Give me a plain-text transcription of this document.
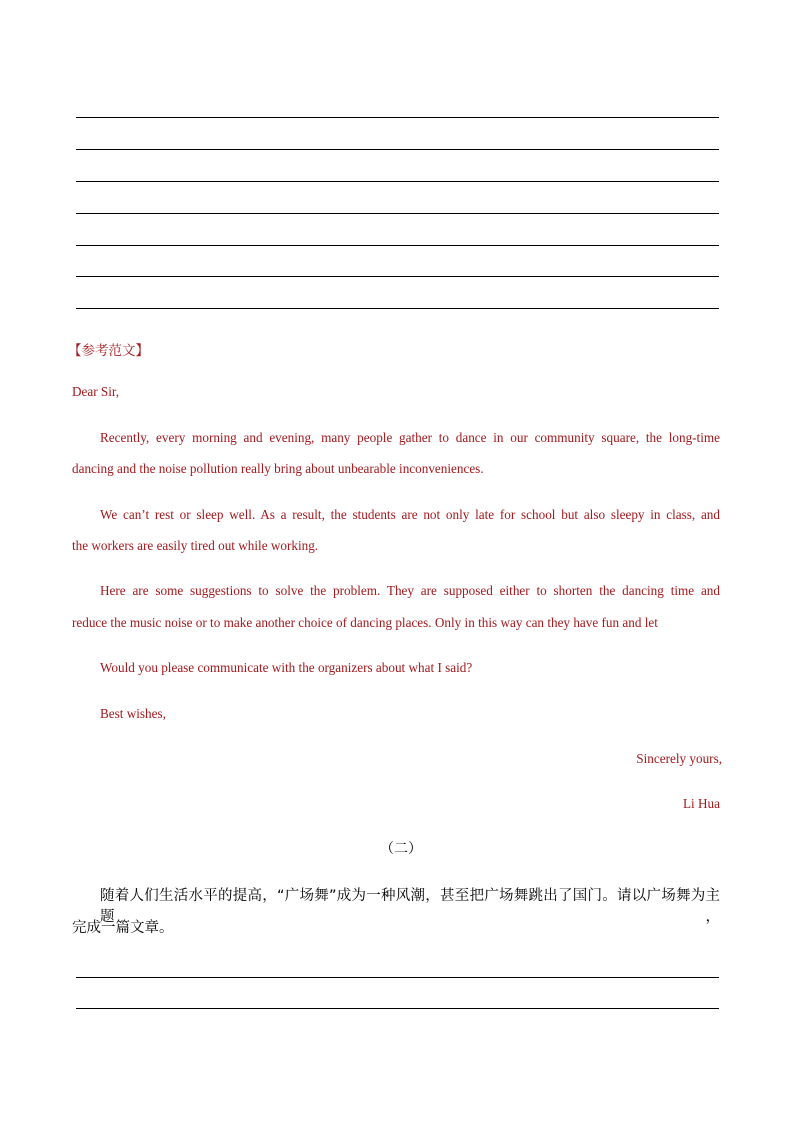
【参考范文】
Dear Sir,
Recently, every morning and evening, many people gather to dance in our community square, the long-time
dancing and the noise pollution really bring about unbearable inconveniences.
We can’t rest or sleep well. As a result, the students are not only late for school but also sleepy in class, and
the workers are easily tired out while working.
Here are some suggestions to solve the problem. They are supposed either to shorten the dancing time and
reduce the music noise or to make another choice of dancing places. Only in this way can they have fun and let
Would you please communicate with the organizers about what I said?
Best wishes,
Sincerely yours,
Li Hua
（二）
随着人们生活水平的提高，“广场舞”成为一种风潮，甚至把广场舞跳出了国门。请以广场舞为主题，
完成一篇文章。
